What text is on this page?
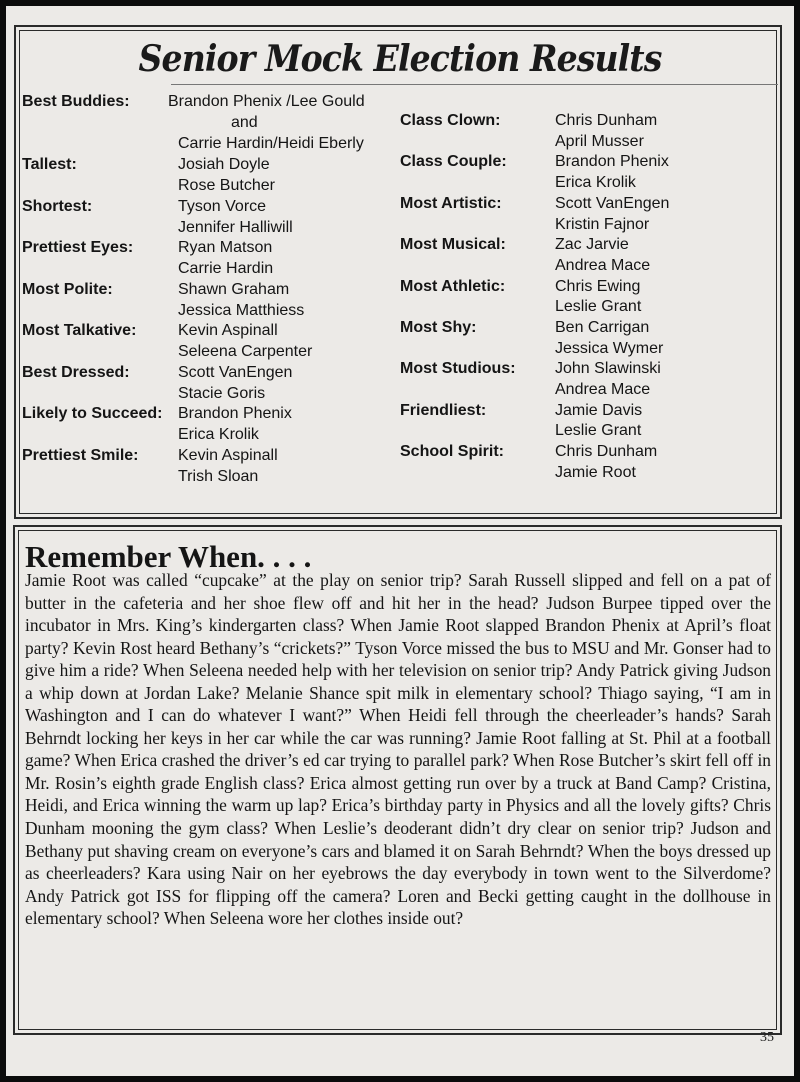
Senior Mock Election Results
Best Buddies: Brandon Phenix /Lee Gould
and
Carrie Hardin/Heidi Eberly
Tallest:	Josiah Doyle
Rose Butcher
Shortest:	Tyson Vorce
Jennifer Halliwill
Prettiest Eyes:	Ryan Matson
Carrie Hardin
Most Polite:	Shawn Graham
Jessica Matthiess
Most Talkative:	Kevin Aspinall
Seleena Carpenter
Best Dressed:	Scott VanEngen
Stacie Goris
Likely to Succeed: Brandon Phenix
Erica Krolik
Prettiest Smile: Kevin Aspinall
Trish Sloan
Class Clown:	Chris Dunham
April Musser
Class Couple:	Brandon Phenix
Erica Krolik
Most Artistic:	Scott VanEngen
Kristin Fajnor
Most Musical:	Zac Jarvie
Andrea Mace
Most Athletic:	Chris Ewing
Leslie Grant
Most Shy:	Ben Carrigan
Jessica Wymer
Most Studious: John Slawinski
Andrea Mace
Friendliest:	Jamie Davis
Leslie Grant
School Spirit:	Chris Dunham
Jamie Root
Remember When. . . .

Jamie Root was called “cupcake” at the play on senior trip? Sarah Russell slipped and fell on a pat of butter in the cafeteria and her shoe flew off and hit her in the head? Judson Burpee tipped over the incubator in Mrs. King’s kindergarten class? When Jamie Root slapped Brandon Phenix at April’s float party? Kevin Rost heard Bethany’s “crickets?” Tyson Vorce missed the bus to MSU and Mr. Gonser had to give him a ride? When Seleena needed help with her television on senior trip? Andy Patrick giving Judson a whip down at Jordan Lake? Melanie Shance spit milk in elementary school? Thiago saying, “I am in Washington and I can do whatever I want?” When Heidi fell through the cheerleader’s hands? Sarah Behrndt locking her keys in her car while the car was running? Jamie Root falling at St. Phil at a football game? When Erica crashed the driver’s ed car trying to parallel park? When Rose Butcher’s skirt fell off in Mr. Rosin’s eighth grade English class? Erica almost getting run over by a truck at Band Camp? Cristina, Heidi, and Erica winning the warm up lap? Erica’s birthday party in Physics and all the lovely gifts? Chris Dunham mooning the gym class? When Leslie’s deoderant didn’t dry clear on senior trip? Judson and Bethany put shaving cream on everyone’s cars and blamed it on Sarah Behrndt? When the boys dressed up as cheerleaders? Kara using Nair on her eyebrows the day everybody in town went to the Silverdome? Andy Patrick got ISS for flipping off the camera? Loren and Becki getting caught in the dollhouse in elementary school? When Seleena wore her clothes inside out?

35
